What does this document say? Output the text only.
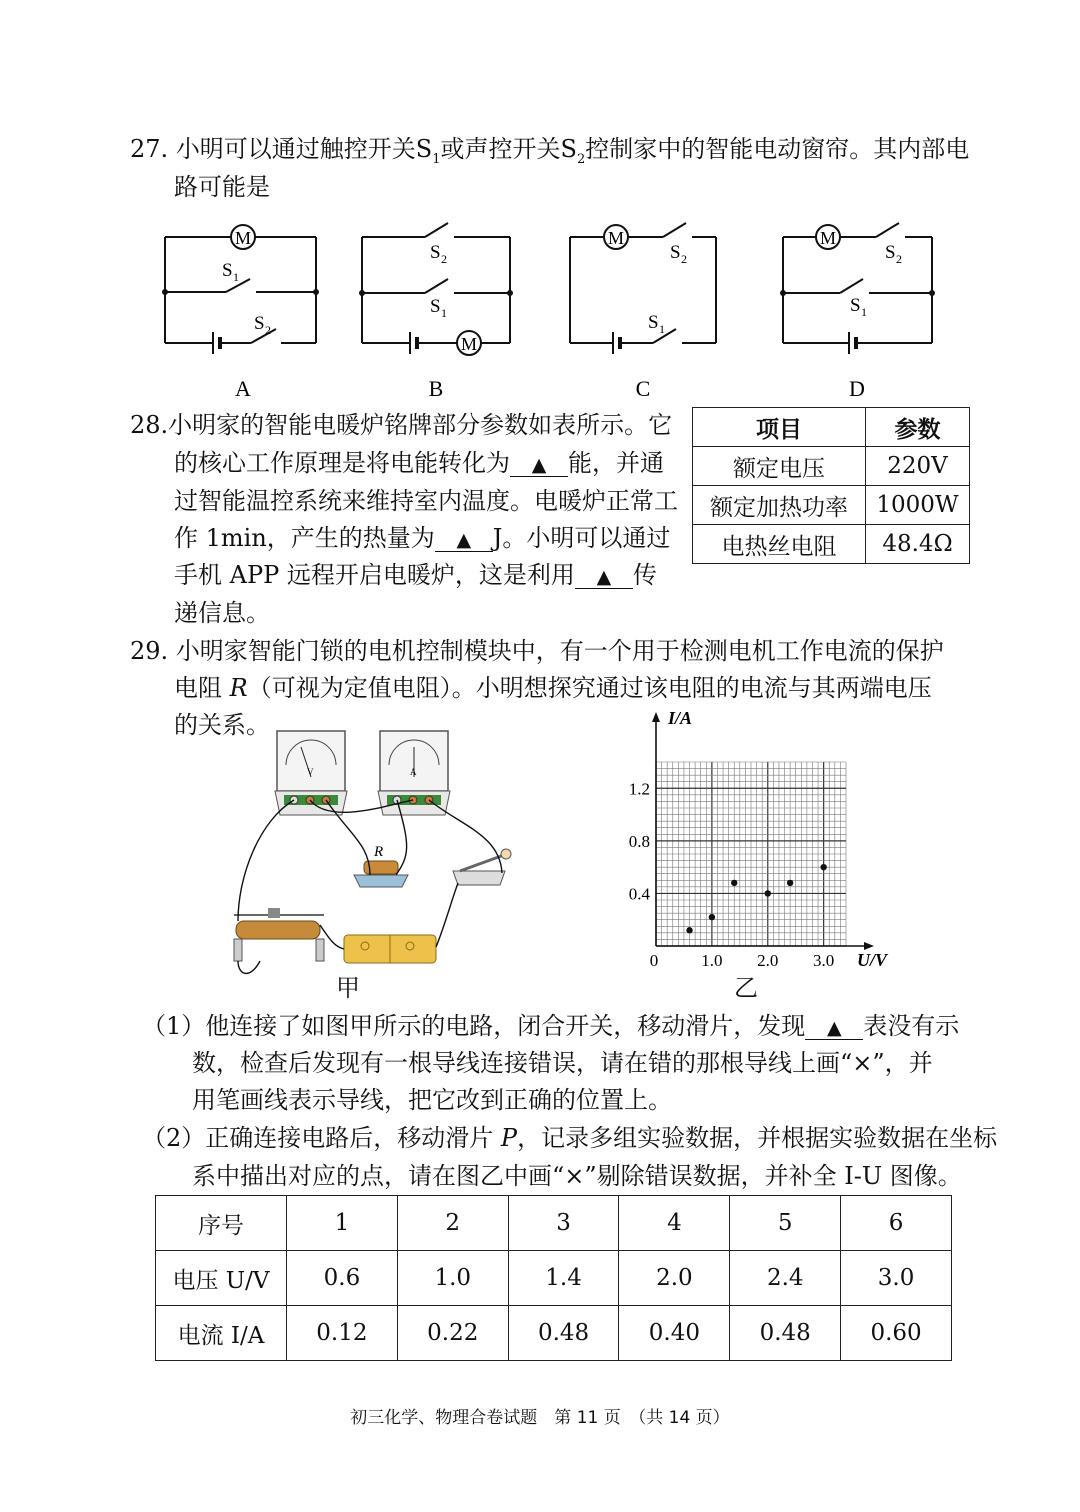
27. 小明可以通过触控开关$S_1$或声控开关$S_2$控制家中的智能电动窗帘。其内部电
路可能是
S 1
M
S 1
S 2
A
M
S 2
S 1
B
M
S 2
S 1
C
M
S 2
S 1
D
28.小明家的智能电暖炉铭牌部分参数如表所示。它
的核心工作原理是将电能转化为 ▲ 能，并通
过智能温控系统来维持室内温度。电暖炉正常工
作 1min，产生的热量为 ▲ J。小明可以通过
手机 APP 远程开启电暖炉，这是利用 ▲ 传
递信息。
项目	参数
额定电压	220V
额定加热功率	1000W
电热丝电阻	48.4Ω
29. 小明家智能门锁的电机控制模块中，有一个用于检测电机工作电流的保护
电阻 R（可视为定值电阻）。小明想探究通过该电阻的电流与其两端电压
的关系。
V	A
R
甲
I/A
U/V
0	1.0 2.0 3.0
0.4
0.8
1.2
乙
（1）他连接了如图甲所示的电路，闭合开关，移动滑片，发现 ▲ 表没有示
数，检查后发现有一根导线连接错误，请在错的那根导线上画“×”，并
用笔画线表示导线，把它改到正确的位置上。
（2）正确连接电路后，移动滑片 P，记录多组实验数据，并根据实验数据在坐标
系中描出对应的点，请在图乙中画“×”剔除错误数据，并补全 I-U 图像。
序号	1	2	3	4	5	6
电压 U/V	0.6	1.0	1.4	2.0	2.4	3.0
电流 I/A	0.12	0.22	0.48	0.40	0.48	0.60
初三化学、物理合卷试题　第 11 页　（共 14 页）
